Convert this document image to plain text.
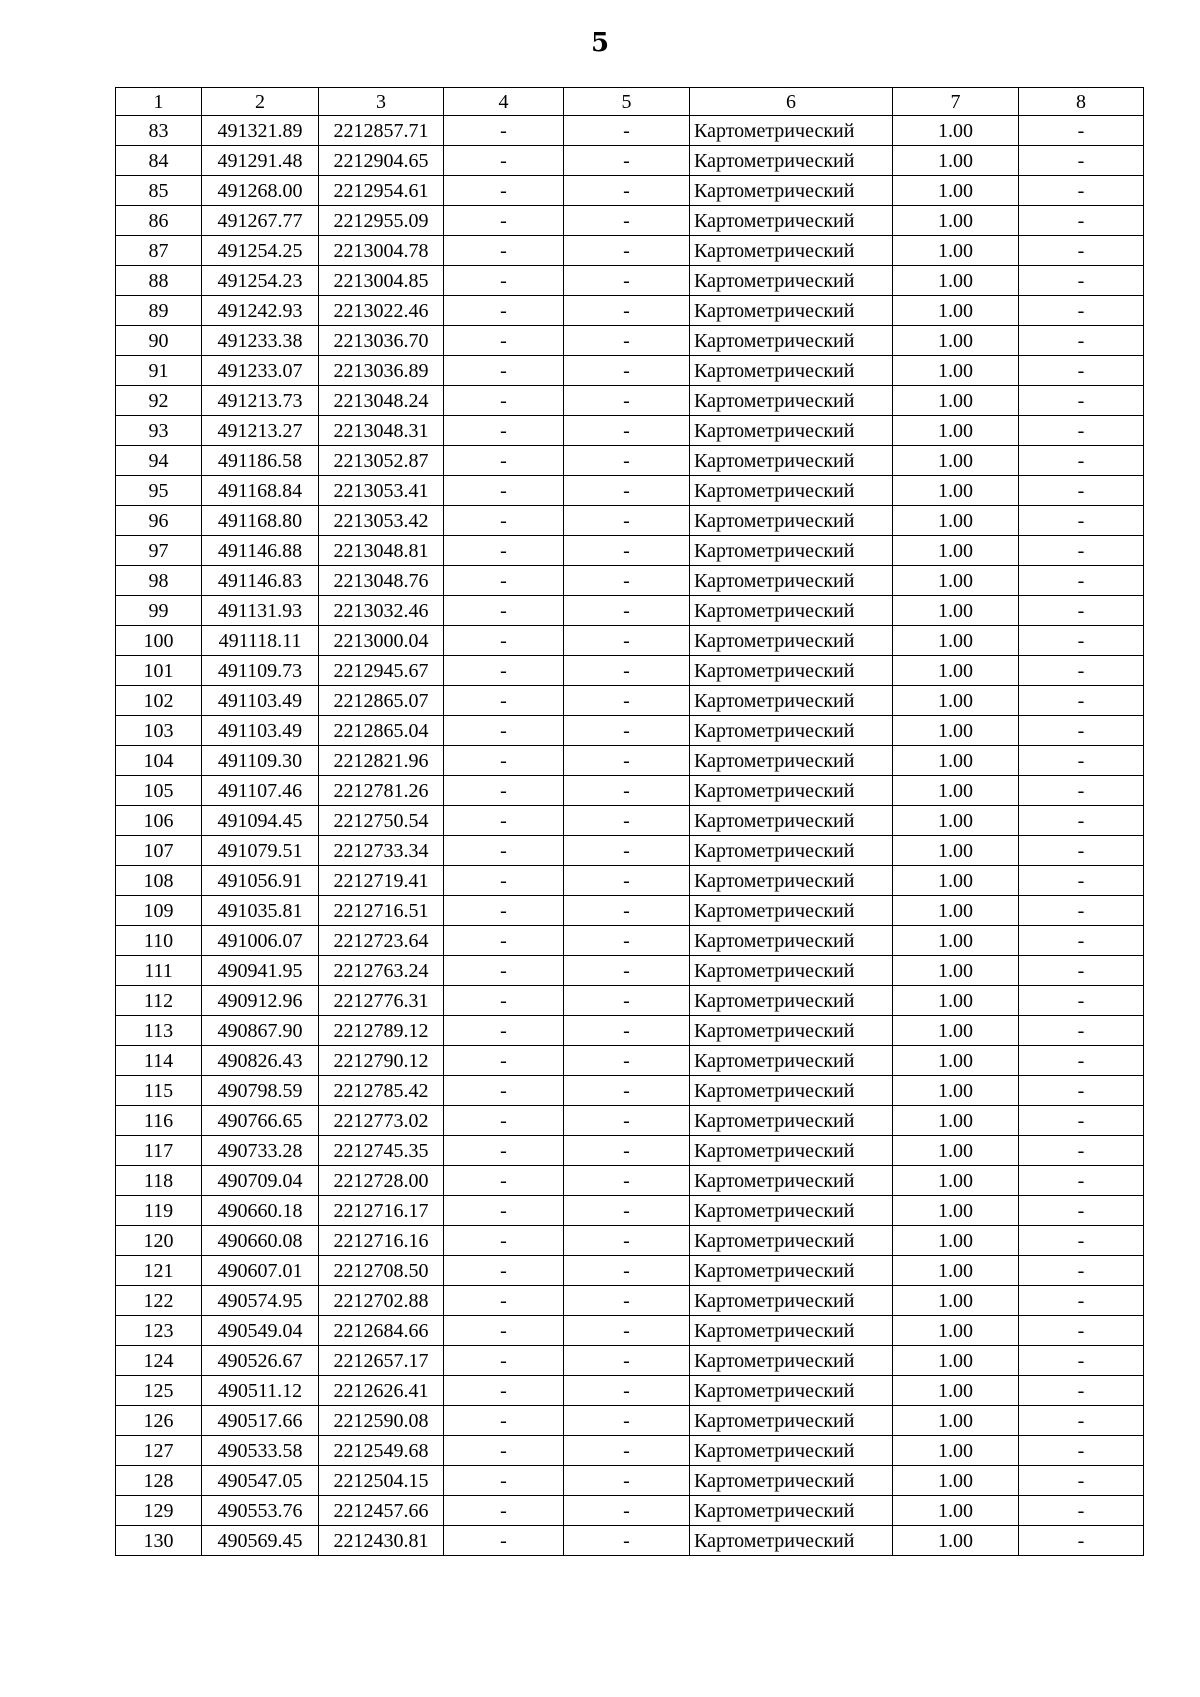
5
1	2	3	4	5	6	7	8
83	491321.89	2212857.71	-	-	Картометрический	1.00	-
84	491291.48	2212904.65	-	-	Картометрический	1.00	-
85	491268.00	2212954.61	-	-	Картометрический	1.00	-
86	491267.77	2212955.09	-	-	Картометрический	1.00	-
87	491254.25	2213004.78	-	-	Картометрический	1.00	-
88	491254.23	2213004.85	-	-	Картометрический	1.00	-
89	491242.93	2213022.46	-	-	Картометрический	1.00	-
90	491233.38	2213036.70	-	-	Картометрический	1.00	-
91	491233.07	2213036.89	-	-	Картометрический	1.00	-
92	491213.73	2213048.24	-	-	Картометрический	1.00	-
93	491213.27	2213048.31	-	-	Картометрический	1.00	-
94	491186.58	2213052.87	-	-	Картометрический	1.00	-
95	491168.84	2213053.41	-	-	Картометрический	1.00	-
96	491168.80	2213053.42	-	-	Картометрический	1.00	-
97	491146.88	2213048.81	-	-	Картометрический	1.00	-
98	491146.83	2213048.76	-	-	Картометрический	1.00	-
99	491131.93	2213032.46	-	-	Картометрический	1.00	-
100	491118.11	2213000.04	-	-	Картометрический	1.00	-
101	491109.73	2212945.67	-	-	Картометрический	1.00	-
102	491103.49	2212865.07	-	-	Картометрический	1.00	-
103	491103.49	2212865.04	-	-	Картометрический	1.00	-
104	491109.30	2212821.96	-	-	Картометрический	1.00	-
105	491107.46	2212781.26	-	-	Картометрический	1.00	-
106	491094.45	2212750.54	-	-	Картометрический	1.00	-
107	491079.51	2212733.34	-	-	Картометрический	1.00	-
108	491056.91	2212719.41	-	-	Картометрический	1.00	-
109	491035.81	2212716.51	-	-	Картометрический	1.00	-
110	491006.07	2212723.64	-	-	Картометрический	1.00	-
111	490941.95	2212763.24	-	-	Картометрический	1.00	-
112	490912.96	2212776.31	-	-	Картометрический	1.00	-
113	490867.90	2212789.12	-	-	Картометрический	1.00	-
114	490826.43	2212790.12	-	-	Картометрический	1.00	-
115	490798.59	2212785.42	-	-	Картометрический	1.00	-
116	490766.65	2212773.02	-	-	Картометрический	1.00	-
117	490733.28	2212745.35	-	-	Картометрический	1.00	-
118	490709.04	2212728.00	-	-	Картометрический	1.00	-
119	490660.18	2212716.17	-	-	Картометрический	1.00	-
120	490660.08	2212716.16	-	-	Картометрический	1.00	-
121	490607.01	2212708.50	-	-	Картометрический	1.00	-
122	490574.95	2212702.88	-	-	Картометрический	1.00	-
123	490549.04	2212684.66	-	-	Картометрический	1.00	-
124	490526.67	2212657.17	-	-	Картометрический	1.00	-
125	490511.12	2212626.41	-	-	Картометрический	1.00	-
126	490517.66	2212590.08	-	-	Картометрический	1.00	-
127	490533.58	2212549.68	-	-	Картометрический	1.00	-
128	490547.05	2212504.15	-	-	Картометрический	1.00	-
129	490553.76	2212457.66	-	-	Картометрический	1.00	-
130	490569.45	2212430.81	-	-	Картометрический	1.00	-
